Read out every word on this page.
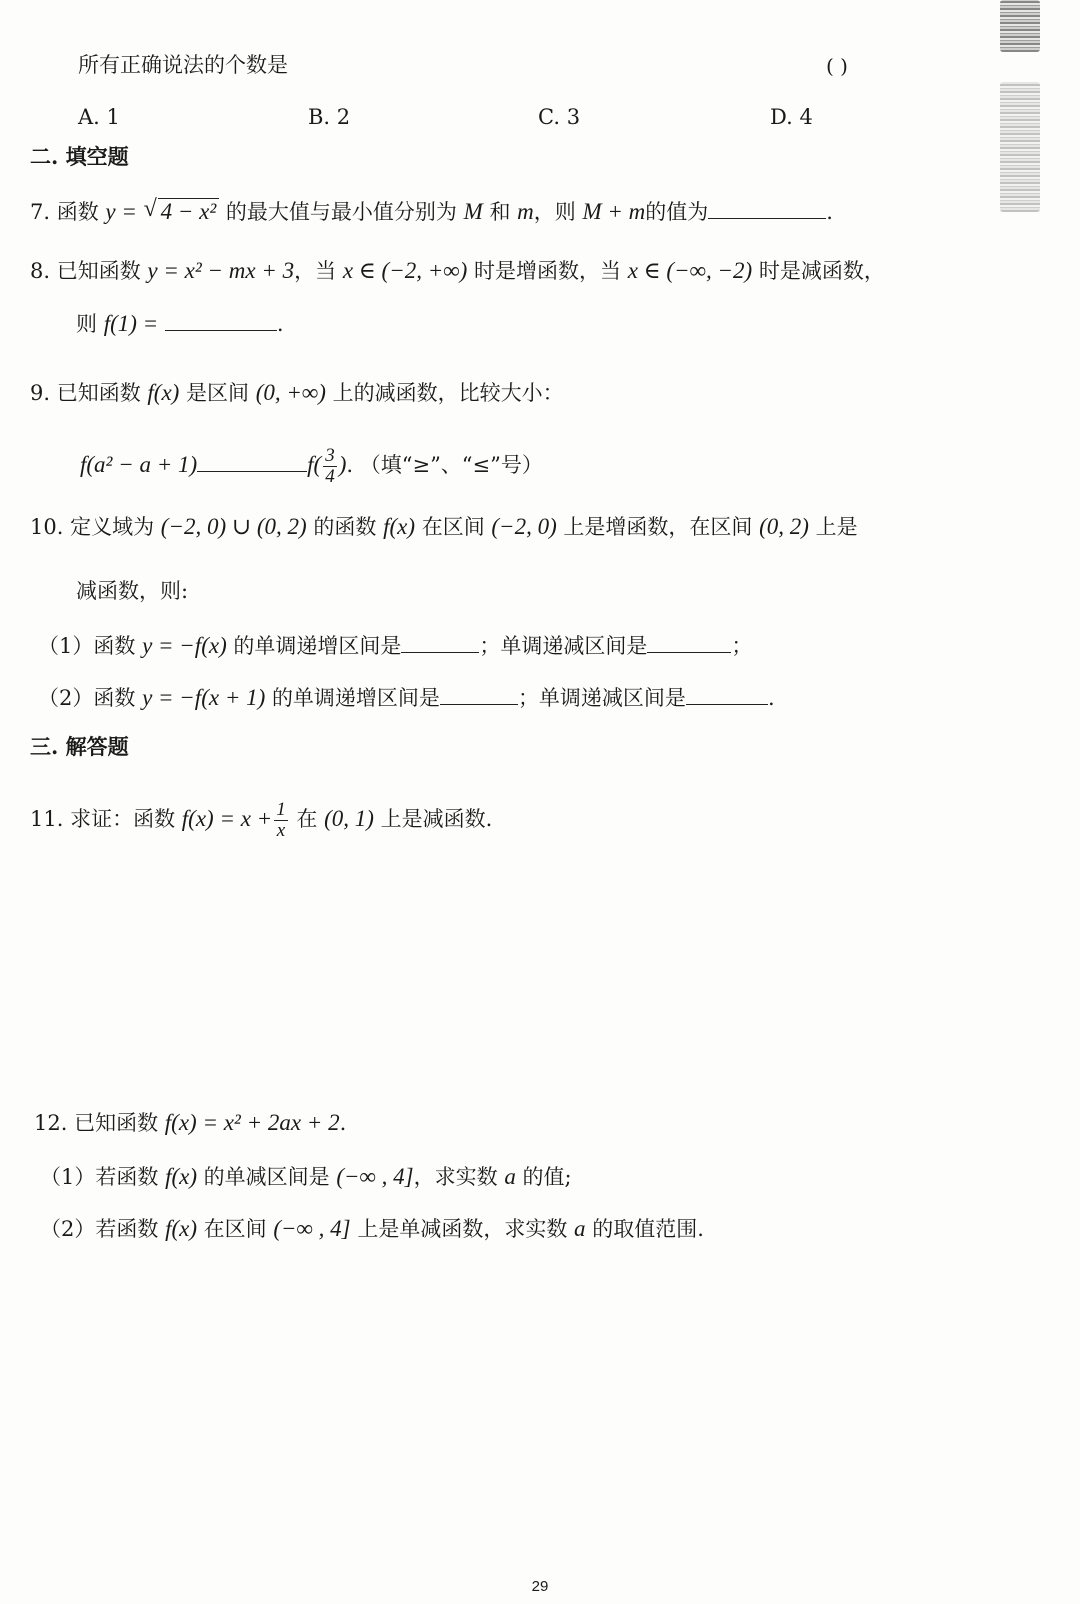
所有正确说法的个数是	( )
A. 1	B. 2	C. 3	D. 4
二. 填空题
7. 函数 y = √ 4 − x² 的最大值与最小值分别为 M 和 m，则 M + m的值为	.
8. 已知函数 y = x² − mx + 3，当 x ∈ (−2, +∞) 时是增函数，当 x ∈ (−∞, −2) 时是减函数，
则 f(1) =	.
9. 已知函数 f(x) 是区间 (0, +∞) 上的减函数，比较大小：
f(a² − a + 1)	$f( \frac{3}{4}$ ). （填“≥”、“≤”号）
10. 定义域为 (−2, 0) ∪ (0, 2) 的函数 f(x) 在区间 (−2, 0) 上是增函数，在区间 (0, 2) 上是
减函数，则:
（1）函数 y = −f(x) 的单调递增区间是	；单调递减区间是	；
（2）函数 y = −f(x + 1) 的单调递增区间是	；单调递减区间是	.
三. 解答题
11. 求证：函数 $f(x) = x + \frac{1}{x}$ 在 (0, 1) 上是减函数.
12. 已知函数 f(x) = x² + 2ax + 2.
（1）若函数 f(x) 的单减区间是 (−∞ , 4]，求实数 a 的值;
（2）若函数 f(x) 在区间 (−∞ , 4] 上是单减函数，求实数 a 的取值范围.
29
